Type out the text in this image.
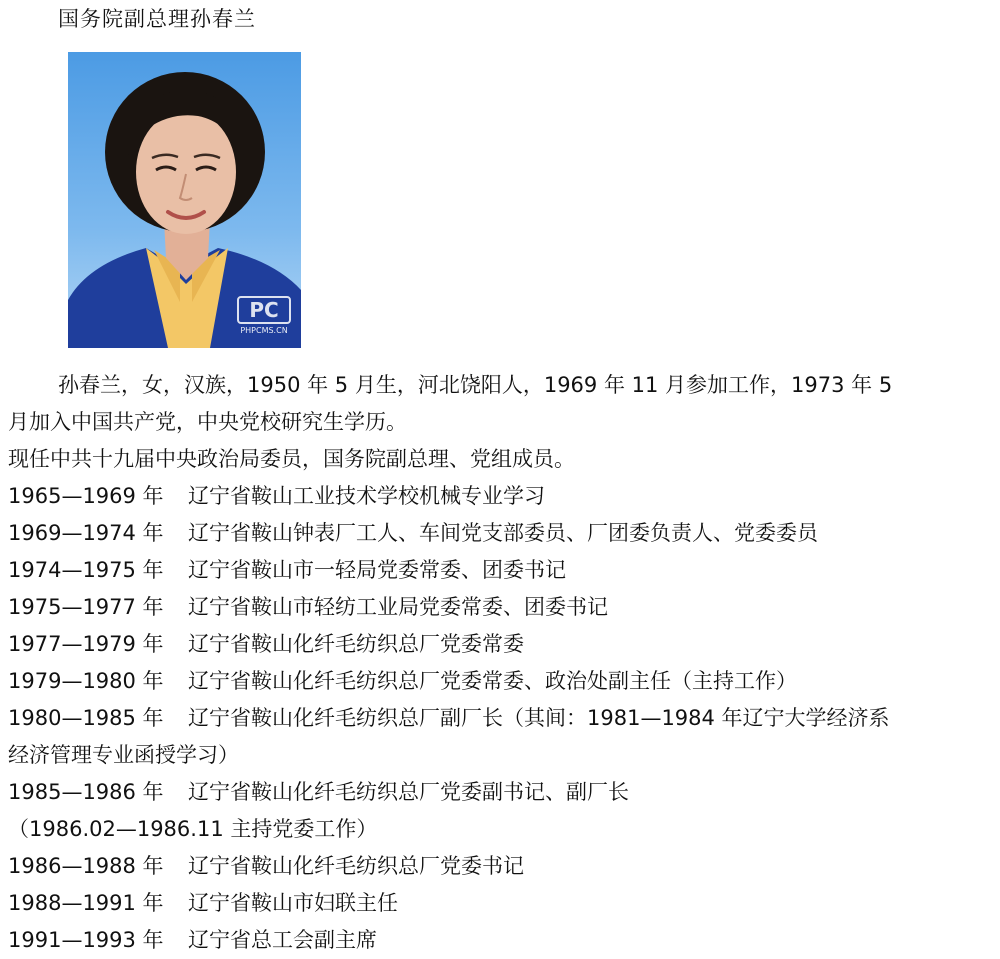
国务院副总理孙春兰
PC
PHPCMS.CN
孙春兰，女，汉族，1950 年 5 月生，河北饶阳人，1969 年 11 月参加工作，1973 年 5
月加入中国共产党，中央党校研究生学历。
现任中共十九届中央政治局委员，国务院副总理、党组成员。
1965—1969 年 辽宁省鞍山工业技术学校机械专业学习
1969—1974 年 辽宁省鞍山钟表厂工人、车间党支部委员、厂团委负责人、党委委员
1974—1975 年 辽宁省鞍山市一轻局党委常委、团委书记
1975—1977 年 辽宁省鞍山市轻纺工业局党委常委、团委书记
1977—1979 年 辽宁省鞍山化纤毛纺织总厂党委常委
1979—1980 年 辽宁省鞍山化纤毛纺织总厂党委常委、政治处副主任（主持工作）
1980—1985 年 辽宁省鞍山化纤毛纺织总厂副厂长（其间：1981—1984 年辽宁大学经济系
经济管理专业函授学习）
1985—1986 年 辽宁省鞍山化纤毛纺织总厂党委副书记、副厂长
（1986.02—1986.11 主持党委工作）
1986—1988 年 辽宁省鞍山化纤毛纺织总厂党委书记
1988—1991 年 辽宁省鞍山市妇联主任
1991—1993 年 辽宁省总工会副主席
